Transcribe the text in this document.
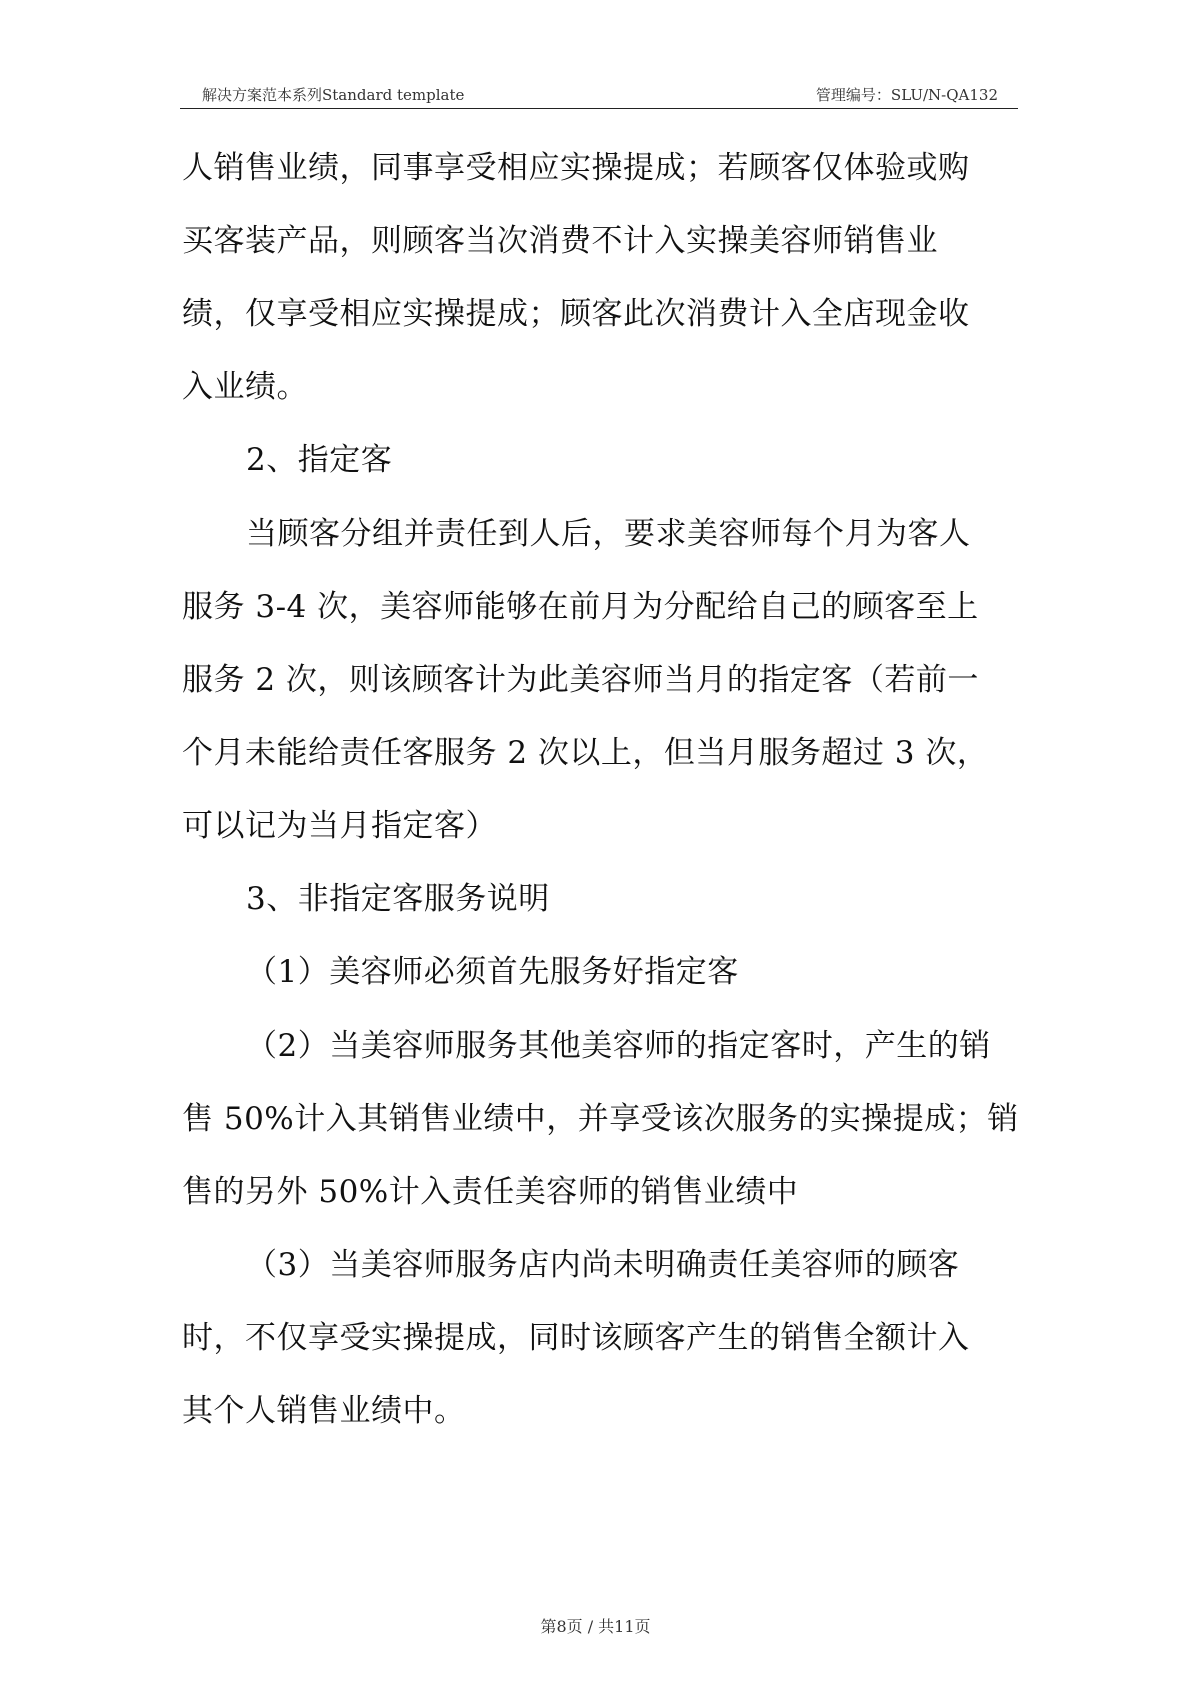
解决方案范本系列Standard template	管理编号：SLU/N-QA132
人销售业绩，同事享受相应实操提成；若顾客仅体验或购
买客装产品，则顾客当次消费不计入实操美容师销售业
绩，仅享受相应实操提成；顾客此次消费计入全店现金收
入业绩。
2、指定客
当顾客分组并责任到人后，要求美容师每个月为客人
服务 3-4 次，美容师能够在前月为分配给自己的顾客至上
服务 2 次，则该顾客计为此美容师当月的指定客（若前一
个月未能给责任客服务 2 次以上，但当月服务超过 3 次，
可以记为当月指定客）
3、非指定客服务说明
（1）美容师必须首先服务好指定客
（2）当美容师服务其他美容师的指定客时，产生的销
售 50%计入其销售业绩中，并享受该次服务的实操提成；销
售的另外 50%计入责任美容师的销售业绩中
（3）当美容师服务店内尚未明确责任美容师的顾客
时，不仅享受实操提成，同时该顾客产生的销售全额计入
其个人销售业绩中。
第8页 / 共11页
